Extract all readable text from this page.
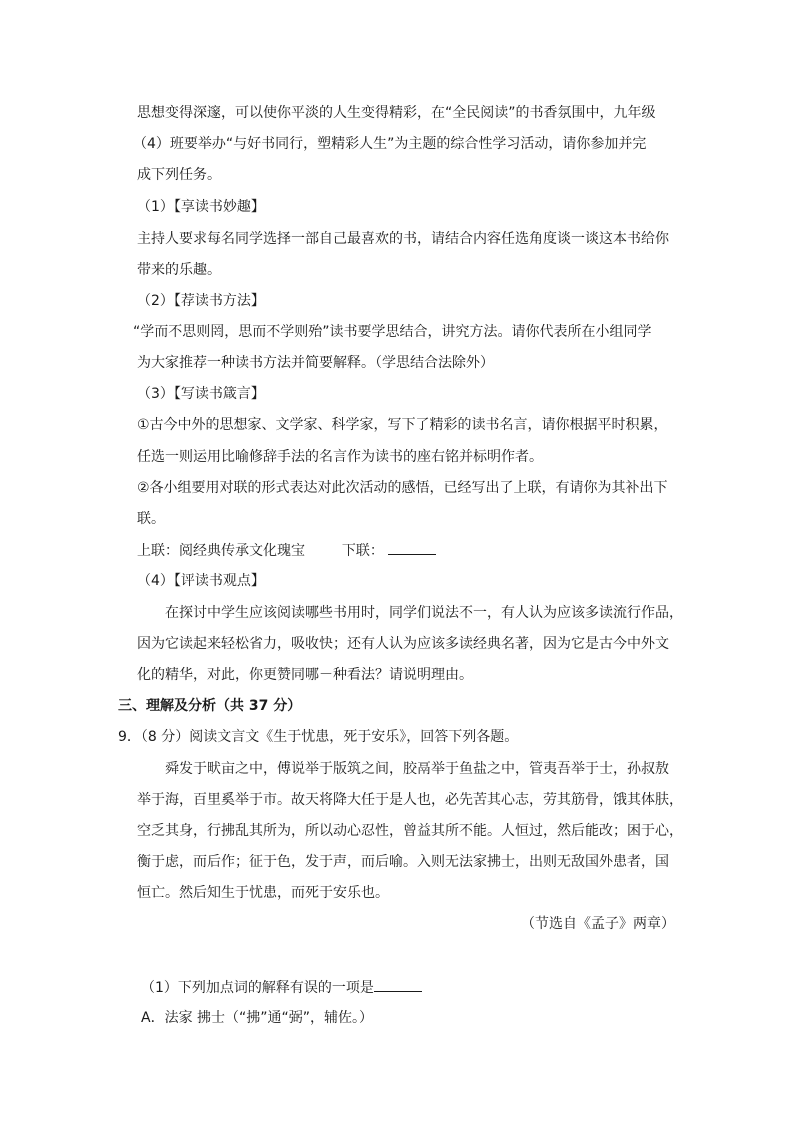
思想变得深邃，可以使你平淡的人生变得精彩，在“全民阅读”的书香氛围中，九年级
（4）班要举办“与好书同行，塑精彩人生”为主题的综合性学习活动，请你参加并完
成下列任务。
（1）【享读书妙趣】
主持人要求每名同学选择一部自己最喜欢的书，请结合内容任选角度谈一谈这本书给你
带来的乐趣。
（2）【荐读书方法】
“学而不思则罔，思而不学则殆”读书要学思结合，讲究方法。请你代表所在小组同学
为大家推荐一种读书方法并简要解释。（学思结合法除外）
（3）【写读书箴言】
①古今中外的思想家、文学家、科学家，写下了精彩的读书名言，请你根据平时积累，
任选一则运用比喻修辞手法的名言作为读书的座右铭并标明作者。
②各小组要用对联的形式表达对此次活动的感悟，已经写出了上联，有请你为其补出下
联。
上联：阅经典传承文化瑰宝	下联：
（4）【评读书观点】
在探讨中学生应该阅读哪些书用时，同学们说法不一，有人认为应该多读流行作品，
因为它读起来轻松省力，吸收快；还有人认为应该多读经典名著，因为它是古今中外文
化的精华，对此，你更赞同哪－种看法？请说明理由。
三、理解及分析（共 37 分）
9．（8 分）阅读文言文《生于忧患，死于安乐》，回答下列各题。
舜发于畎亩之中，傅说举于版筑之间，胶鬲举于鱼盐之中，管夷吾举于士，孙叔敖
举于海，百里奚举于市。故天将降大任于是人也，必先苦其心志，劳其筋骨，饿其体肤，
空乏其身，行拂乱其所为，所以动心忍性，曾益其所不能。人恒过，然后能改；困于心，
衡于虑，而后作；征于色，发于声，而后喻。入则无法家拂士，出则无敌国外患者，国
恒亡。然后知生于忧患，而死于安乐也。
（节选自《孟子》两章）
（1）下列加点词的解释有误的一项是
A．法家 拂士（“拂”通“弼”，辅佐。）
